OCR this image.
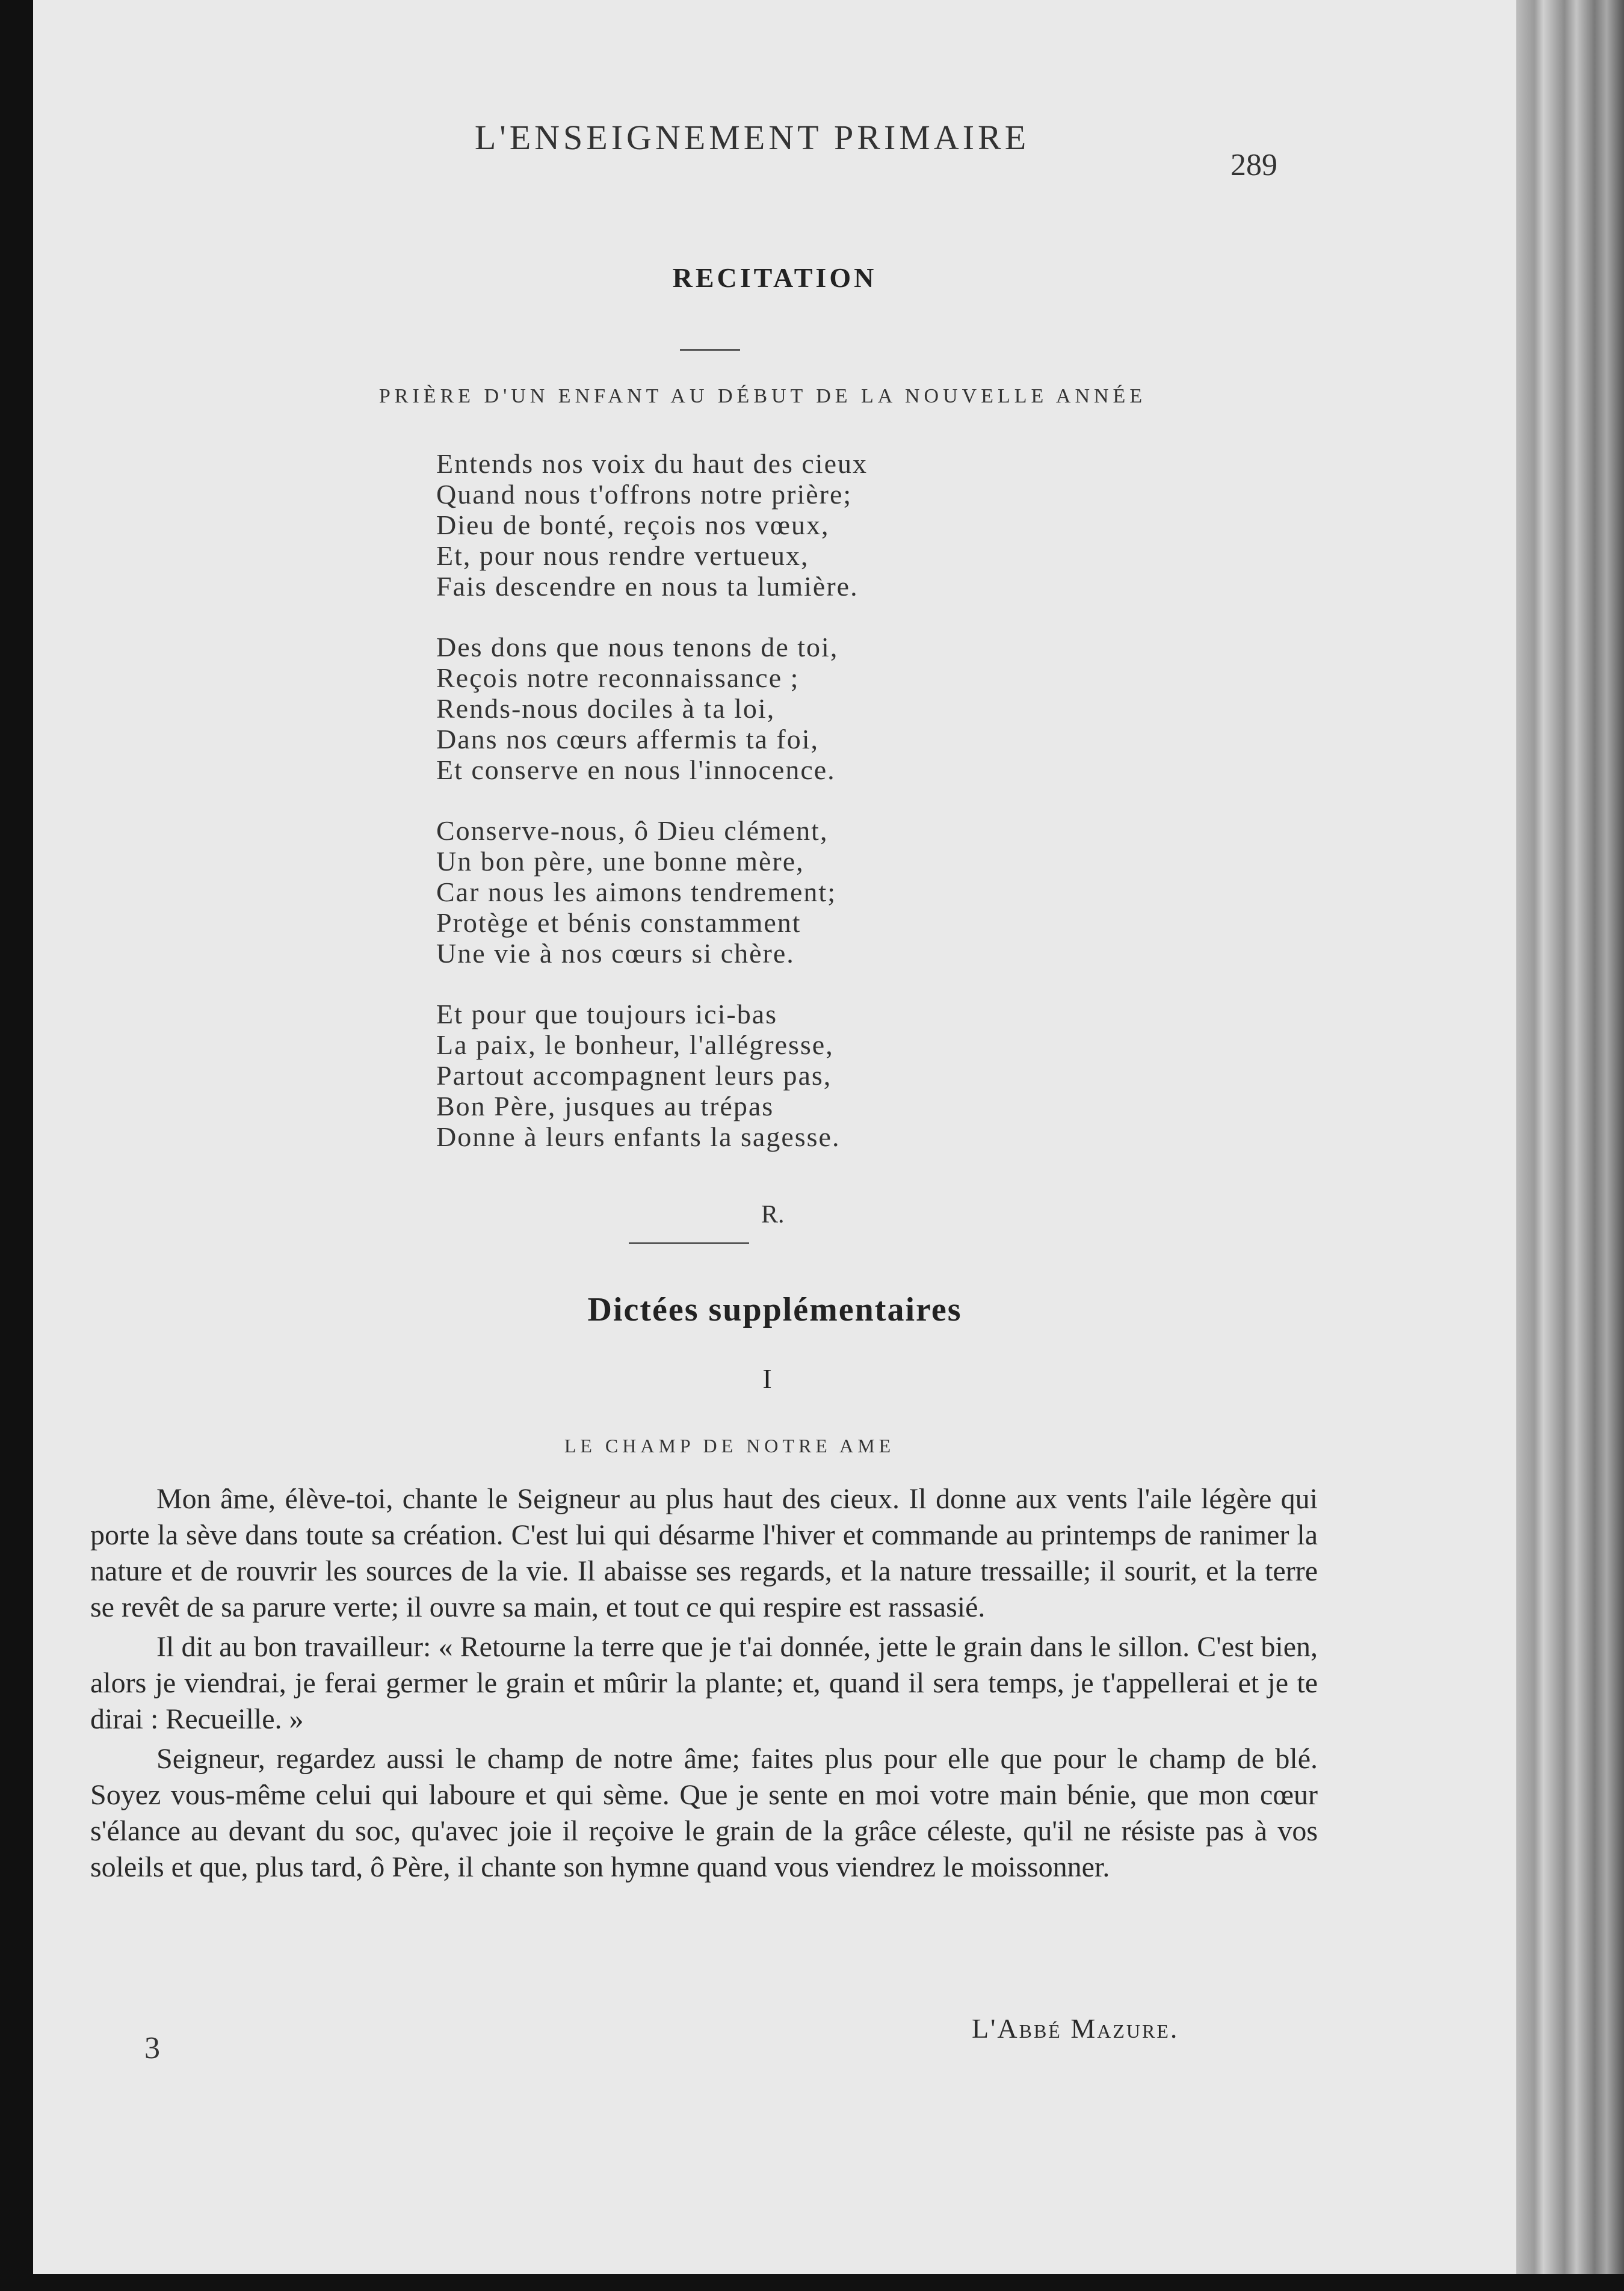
L'ENSEIGNEMENT PRIMAIRE
289
RECITATION
PRIÈRE D'UN ENFANT AU DÉBUT DE LA NOUVELLE ANNÉE
Entends nos voix du haut des cieux
Quand nous t'offrons notre prière;
Dieu de bonté, reçois nos vœux,
Et, pour nous rendre vertueux,
Fais descendre en nous ta lumière.
Des dons que nous tenons de toi,
Reçois notre reconnaissance ;
Rends-nous dociles à ta loi,
Dans nos cœurs affermis ta foi,
Et conserve en nous l'innocence.
Conserve-nous, ô Dieu clément,
Un bon père, une bonne mère,
Car nous les aimons tendrement;
Protège et bénis constamment
Une vie à nos cœurs si chère.
Et pour que toujours ici-bas
La paix, le bonheur, l'allégresse,
Partout accompagnent leurs pas,
Bon Père, jusques au trépas
Donne à leurs enfants la sagesse.
R.
Dictées supplémentaires
I
LE CHAMP DE NOTRE AME

Mon âme, élève-toi, chante le Seigneur au plus haut des cieux. Il donne aux vents l'aile légère qui porte la sève dans toute sa création. C'est lui qui désarme l'hiver et commande au printemps de ranimer la nature et de rouvrir les sources de la vie. Il abaisse ses regards, et la nature tressaille; il sourit, et la terre se revêt de sa parure verte; il ouvre sa main, et tout ce qui respire est rassasié.

Il dit au bon travailleur: « Retourne la terre que je t'ai donnée, jette le grain dans le sillon. C'est bien, alors je viendrai, je ferai germer le grain et mûrir la plante; et, quand il sera temps, je t'appellerai et je te dirai : Recueille. »

Seigneur, regardez aussi le champ de notre âme; faites plus pour elle que pour le champ de blé. Soyez vous-même celui qui laboure et qui sème. Que je sente en moi votre main bénie, que mon cœur s'élance au devant du soc, qu'avec joie il reçoive le grain de la grâce céleste, qu'il ne résiste pas à vos soleils et que, plus tard, ô Père, il chante son hymne quand vous viendrez le moissonner.

L'Abbé Mazure.
3
